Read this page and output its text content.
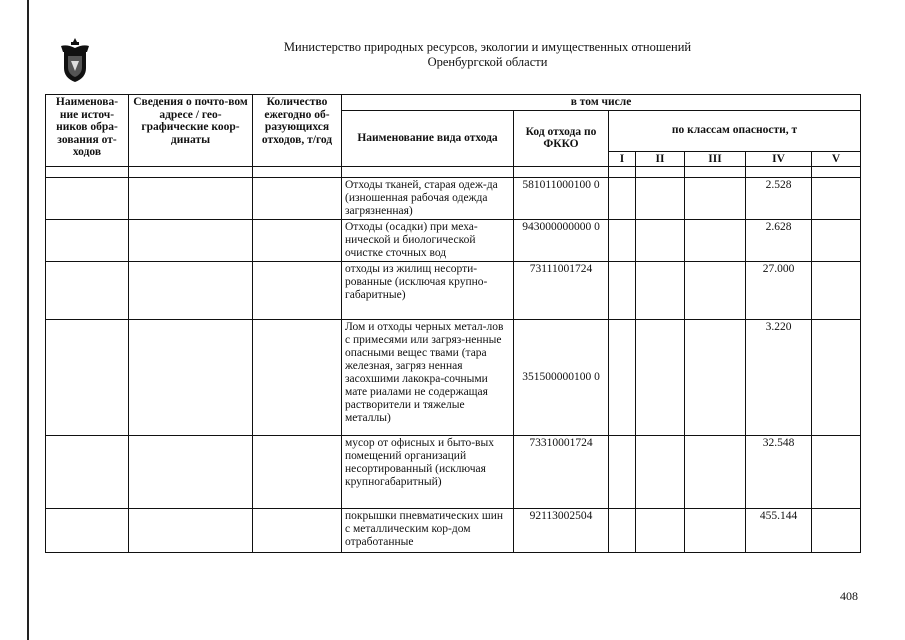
Министерство природных ресурсов, экологии и имущественных отношений
Оренбургской области
Наименова-ние источ-ников обра-зования от-ходов	Сведения о почто-вом адресе / гео-графические коор-динаты	Количество ежегодно об-разующихся отходов, т/год	в том числе						
			Наименование вида отхода	Код отхода по ФККО	по классам опасности, т				
					I	II	III	IV	V

			Отходы тканей, старая одеж-да (изношенная рабочая одежда загрязненная)	581011000100 0				2.528	
			Отходы (осадки) при меха-нической и биологической очистке сточных вод	943000000000 0				2.628	
			отходы из жилищ несорти-рованные (исключая крупно-габаритные)	73111001724				27.000	
			Лом и отходы черных метал-лов с примесями или загряз-ненные опасными вещес твами (тара железная, загряз ненная засохшими лакокра-сочными мате риалами не содержащая растворители и тяжелые металлы)	351500000100 0				3.220	
			мусор от офисных и быто-вых помещений организаций несортированный (исключая крупногабаритный)	73310001724				32.548	
			покрышки пневматических шин с металлическим кор-дом отработанные	92113002504				455.144	
408
